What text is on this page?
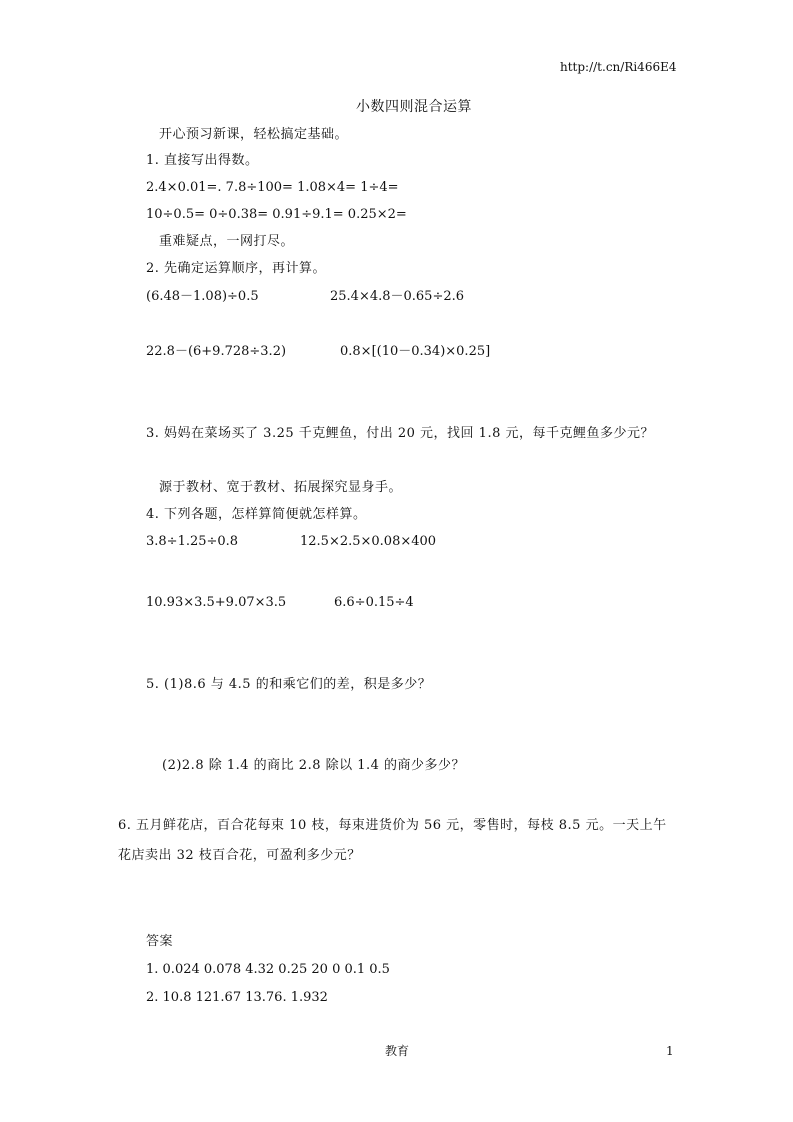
http://t.cn/Ri466E4
小数四则混合运算
开心预习新课，轻松搞定基础。
1. 直接写出得数。
2.4×0.01=. 7.8÷100= 1.08×4= 1÷4=
10÷0.5= 0÷0.38= 0.91÷9.1= 0.25×2=
重难疑点，一网打尽。
2. 先确定运算顺序，再计算。
(6.48－1.08)÷0.5	25.4×4.8－0.65÷2.6
22.8－(6+9.728÷3.2)	0.8×[(10－0.34)×0.25]
3. 妈妈在菜场买了 3.25 千克鲤鱼，付出 20 元，找回 1.8 元，每千克鲤鱼多少元？
源于教材、宽于教材、拓展探究显身手。
4. 下列各题，怎样算简便就怎样算。
3.8÷1.25÷0.8	12.5×2.5×0.08×400
10.93×3.5+9.07×3.5	6.6÷0.15÷4
5. (1)8.6 与 4.5 的和乘它们的差，积是多少？
(2)2.8 除 1.4 的商比 2.8 除以 1.4 的商少多少？
6. 五月鲜花店，百合花每束 10 枝，每束进货价为 56 元，零售时，每枝 8.5 元。一天上午
花店卖出 32 枝百合花，可盈利多少元？
答案
1. 0.024 0.078 4.32 0.25 20 0 0.1 0.5
2. 10.8 121.67 13.76. 1.932
教育	1
